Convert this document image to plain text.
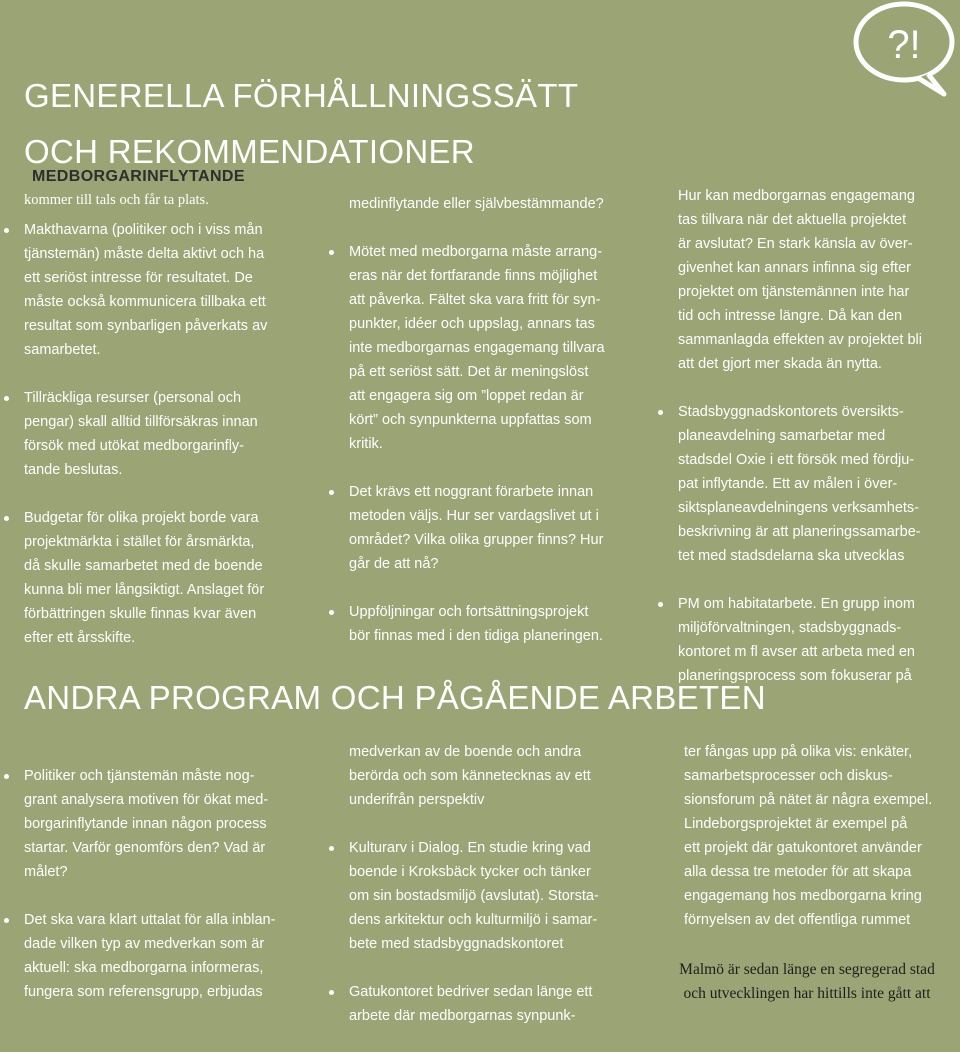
?!
GENERELLA FÖRHÅLLNINGSSÄTT
OCH REKOMMENDATIONER
MEDBORGARINFLYTANDE
kommer till tals och får ta plats.
Makthavarna (politiker och i viss mån
tjänstemän) måste delta aktivt och ha
ett seriöst intresse för resultatet. De
måste också kommunicera tillbaka ett
resultat som synbarligen påverkats av
samarbetet.
Tillräckliga resurser (personal och
pengar) skall alltid tillförsäkras innan
försök med utökat medborgarinfly-
tande beslutas.
Budgetar för olika projekt borde vara
projektmärkta i stället för årsmärkta,
då skulle samarbetet med de boende
kunna bli mer långsiktigt. Anslaget för
förbättringen skulle finnas kvar även
efter ett årsskifte.
medinflytande eller självbestämmande?
Mötet med medborgarna måste arrang-
eras när det fortfarande finns möjlighet
att påverka. Fältet ska vara fritt för syn-
punkter, idéer och uppslag, annars tas
inte medborgarnas engagemang tillvara
på ett seriöst sätt. Det är meningslöst
att engagera sig om ”loppet redan är
kört” och synpunkterna uppfattas som
kritik.
Det krävs ett noggrant förarbete innan
metoden väljs. Hur ser vardagslivet ut i
området? Vilka olika grupper finns? Hur
går de att nå?
Uppföljningar och fortsättningsprojekt
bör finnas med i den tidiga planeringen.
Hur kan medborgarnas engagemang
tas tillvara när det aktuella projektet
är avslutat? En stark känsla av över-
givenhet kan annars infinna sig efter
projektet om tjänstemännen inte har
tid och intresse längre. Då kan den
sammanlagda effekten av projektet bli
att det gjort mer skada än nytta.
Stadsbyggnadskontorets översikts-
planeavdelning samarbetar med
stadsdel Oxie i ett försök med fördju-
pat inflytande. Ett av målen i över-
siktsplaneavdelningens verksamhets-
beskrivning är att planeringssamarbe-
tet med stadsdelarna ska utvecklas
PM om habitatarbete. En grupp inom
miljöförvaltningen, stadsbyggnads-
kontoret m fl avser att arbeta med en
planeringsprocess som fokuserar på
ANDRA PROGRAM OCH PÅGÅENDE ARBETEN
Politiker och tjänstemän måste nog-
grant analysera motiven för ökat med-
borgarinflytande innan någon process
startar. Varför genomförs den? Vad är
målet?
Det ska vara klart uttalat för alla inblan-
dade vilken typ av medverkan som är
aktuell: ska medborgarna informeras,
fungera som referensgrupp, erbjudas
medverkan av de boende och andra
berörda och som kännetecknas av ett
underifrån perspektiv
Kulturarv i Dialog. En studie kring vad
boende i Kroksbäck tycker och tänker
om sin bostadsmiljö (avslutat). Storsta-
dens arkitektur och kulturmiljö i samar-
bete med stadsbyggnadskontoret
Gatukontoret bedriver sedan länge ett
arbete där medborgarnas synpunk-
ter fångas upp på olika vis: enkäter,
samarbetsprocesser och diskus-
sionsforum på nätet är några exempel.
Lindeborgsprojektet är exempel på
ett projekt där gatukontoret använder
alla dessa tre metoder för att skapa
engagemang hos medborgarna kring
förnyelsen av det offentliga rummet
Malmö är sedan länge en segregerad stad
och utvecklingen har hittills inte gått att
